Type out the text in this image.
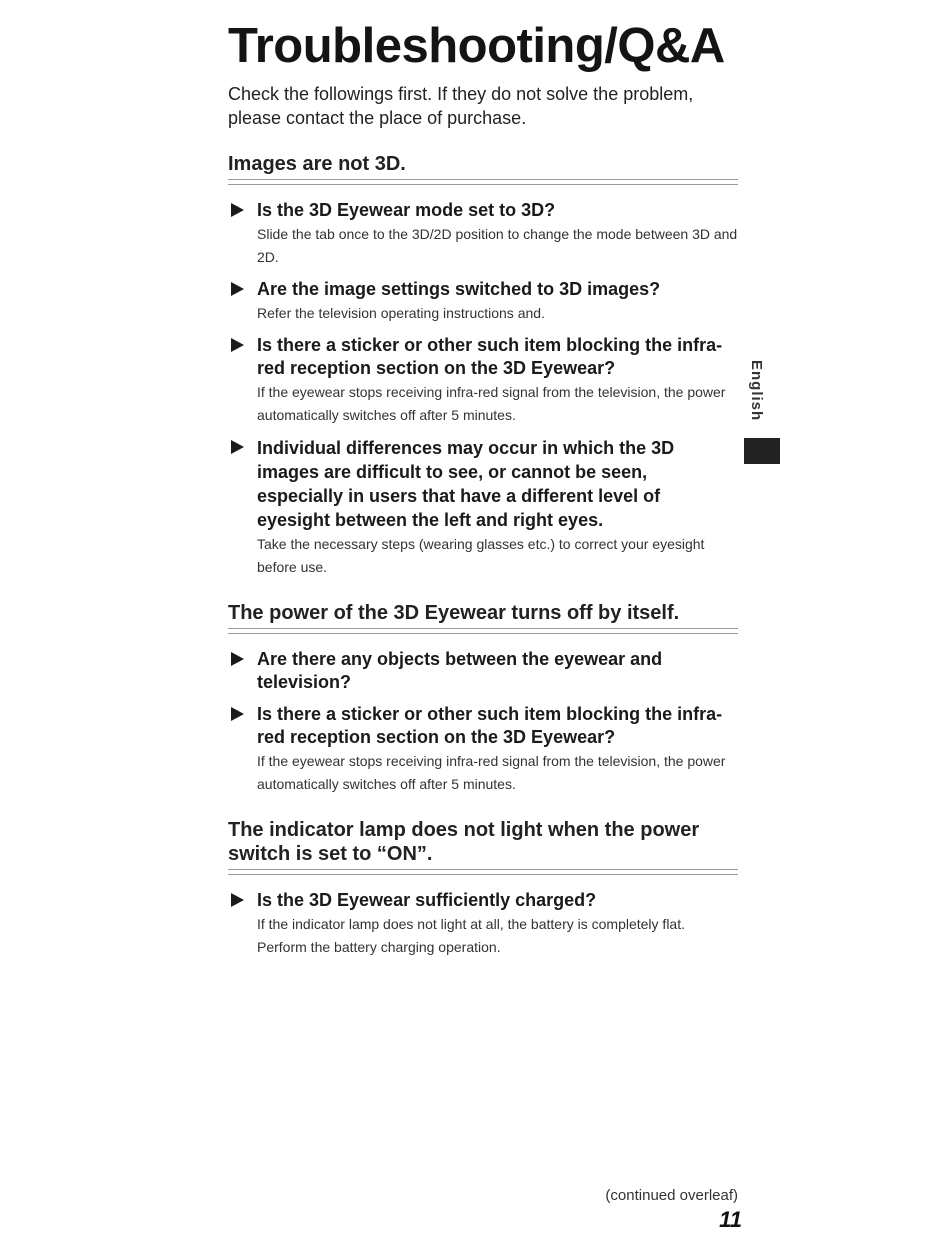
Troubleshooting/Q&A
Check the followings first. If they do not solve the problem, please contact the place of purchase.
Images are not 3D.
Is the 3D Eyewear mode set to 3D?
Slide the tab once to the 3D/2D position to change the mode between 3D and 2D.
Are the image settings switched to 3D images?
Refer the television operating instructions and.
Is there a sticker or other such item blocking the infra-red reception section on the 3D Eyewear?
If the eyewear stops receiving infra-red signal from the television, the power automatically switches off after 5 minutes.
Individual differences may occur in which the 3D images are difficult to see, or cannot be seen, especially in users that have a different level of eyesight between the left and right eyes.
Take the necessary steps (wearing glasses etc.) to correct your eyesight before use.
The power of the 3D Eyewear turns off by itself.
Are there any objects between the eyewear and television?
Is there a sticker or other such item blocking the infra-red reception section on the 3D Eyewear?
If the eyewear stops receiving infra-red signal from the television, the power automatically switches off after 5 minutes.
The indicator lamp does not light when the power switch is set to “ON”.
Is the 3D Eyewear sufficiently charged?
If the indicator lamp does not light at all, the battery is completely flat. Perform the battery charging operation.
English
(continued overleaf)
11
